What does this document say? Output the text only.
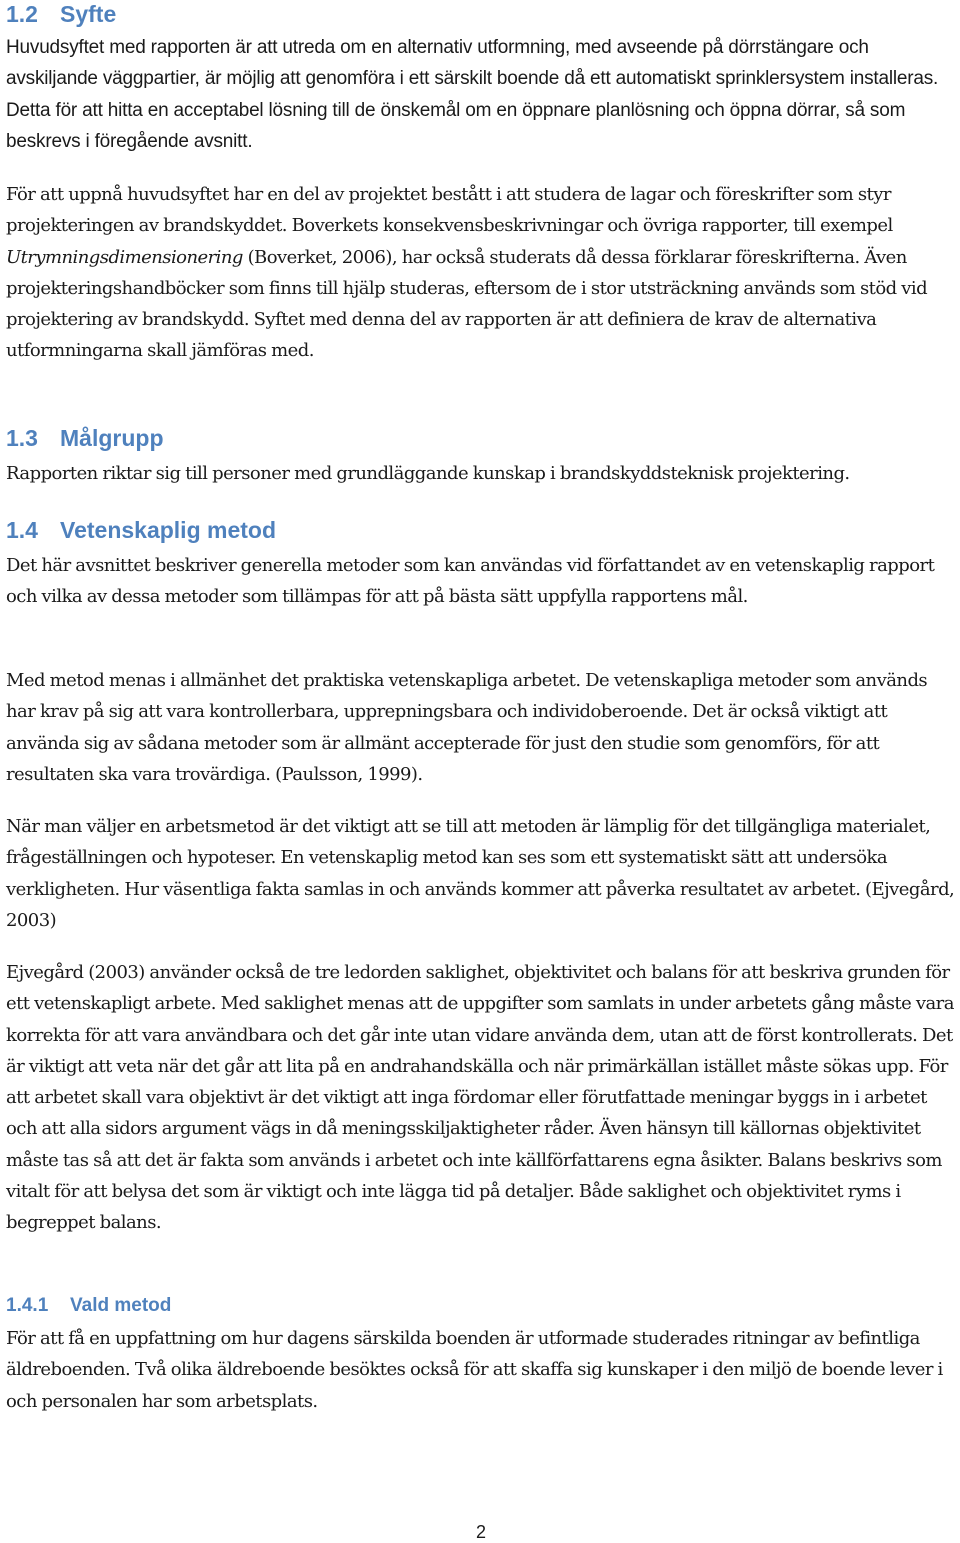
1.2 Syfte

Huvudsyftet med rapporten är att utreda om en alternativ utformning, med avseende på dörrstängare och avskiljande väggpartier, är möjlig att genomföra i ett särskilt boende då ett automatiskt sprinklersystem installeras. Detta för att hitta en acceptabel lösning till de önskemål om en öppnare planlösning och öppna dörrar, så som beskrevs i föregående avsnitt.

För att uppnå huvudsyftet har en del av projektet bestått i att studera de lagar och föreskrifter som styr projekteringen av brandskyddet. Boverkets konsekvensbeskrivningar och övriga rapporter, till exempel Utrymningsdimensionering (Boverket, 2006), har också studerats då dessa förklarar föreskrifterna. Även projekteringshandböcker som finns till hjälp studeras, eftersom de i stor utsträckning används som stöd vid projektering av brandskydd. Syftet med denna del av rapporten är att definiera de krav de alternativa utformningarna skall jämföras med.

1.3 Målgrupp

Rapporten riktar sig till personer med grundläggande kunskap i brandskyddsteknisk projektering.

1.4 Vetenskaplig metod

Det här avsnittet beskriver generella metoder som kan användas vid författandet av en vetenskaplig rapport och vilka av dessa metoder som tillämpas för att på bästa sätt uppfylla rapportens mål.

Med metod menas i allmänhet det praktiska vetenskapliga arbetet. De vetenskapliga metoder som används har krav på sig att vara kontrollerbara, upprepningsbara och individoberoende. Det är också viktigt att använda sig av sådana metoder som är allmänt accepterade för just den studie som genomförs, för att resultaten ska vara trovärdiga. (Paulsson, 1999).

När man väljer en arbetsmetod är det viktigt att se till att metoden är lämplig för det tillgängliga materialet, frågeställningen och hypoteser. En vetenskaplig metod kan ses som ett systematiskt sätt att undersöka verkligheten. Hur väsentliga fakta samlas in och används kommer att påverka resultatet av arbetet. (Ejvegård, 2003)

Ejvegård (2003) använder också de tre ledorden saklighet, objektivitet och balans för att beskriva grunden för ett vetenskapligt arbete. Med saklighet menas att de uppgifter som samlats in under arbetets gång måste vara korrekta för att vara användbara och det går inte utan vidare använda dem, utan att de först kontrollerats. Det är viktigt att veta när det går att lita på en andrahandskälla och när primärkällan istället måste sökas upp. För att arbetet skall vara objektivt är det viktigt att inga fördomar eller förutfattade meningar byggs in i arbetet och att alla sidors argument vägs in då meningsskiljaktigheter råder. Även hänsyn till källornas objektivitet måste tas så att det är fakta som används i arbetet och inte källförfattarens egna åsikter. Balans beskrivs som vitalt för att belysa det som är viktigt och inte lägga tid på detaljer. Både saklighet och objektivitet ryms i begreppet balans.

1.4.1 Vald metod

För att få en uppfattning om hur dagens särskilda boenden är utformade studerades ritningar av befintliga äldreboenden. Två olika äldreboende besöktes också för att skaffa sig kunskaper i den miljö de boende lever i och personalen har som arbetsplats.

2
